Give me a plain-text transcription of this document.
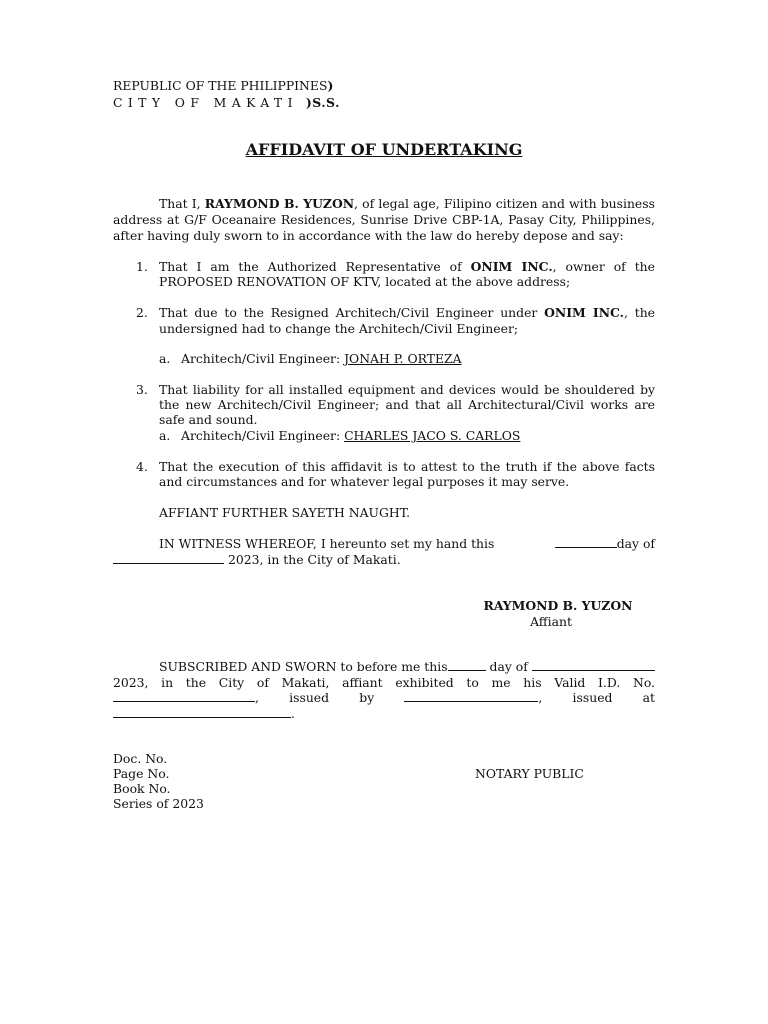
REPUBLIC OF THE PHILIPPINES)
CITY OF MAKATI )S.S.
AFFIDAVIT OF UNDERTAKING
That I, RAYMOND B. YUZON, of legal age, Filipino citizen and with business
address at G/F Oceanaire Residences, Sunrise Drive CBP-1A, Pasay City, Philippines,
after having duly sworn to in accordance with the law do hereby depose and say:
1. That I am the Authorized Representative of ONIM INC., owner of the
PROPOSED RENOVATION OF KTV, located at the above address;
2. That due to the Resigned Architech/Civil Engineer under ONIM INC., the
undersigned had to change the Architech/Civil Engineer;
a. Architech/Civil Engineer: JONAH P. ORTEZA
3. That liability for all installed equipment and devices would be shouldered by
the new Architech/Civil Engineer; and that all Architectural/Civil works are
safe and sound.
a. Architech/Civil Engineer: CHARLES JACO S. CARLOS
4. That the execution of this affidavit is to attest to the truth if the above facts
and circumstances and for whatever legal purposes it may serve.
AFFIANT FURTHER SAYETH NAUGHT.
IN WITNESS WHEREOF, I hereunto set my hand this	day of
2023, in the City of Makati.
RAYMOND B. YUZON
Affiant
SUBSCRIBED AND SWORN to before me this	day of
2023, in the City of Makati, affiant exhibited to me his Valid I.D. No.
, issued by	, issued at
.
Doc. No.
Page No.
Book No.
Series of 2023
NOTARY PUBLIC
